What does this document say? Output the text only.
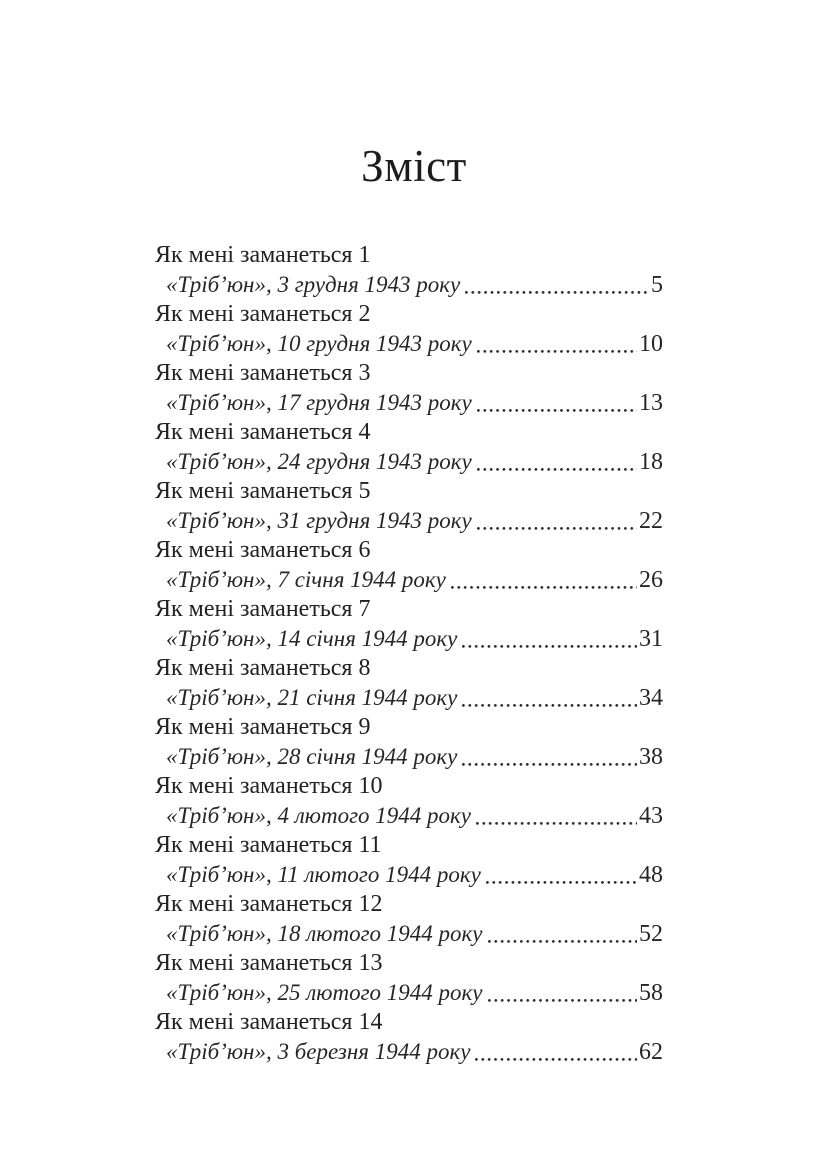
Зміст
Як мені заманеться 1
«Тріб’юн», 3 грудня 1943 року	5
Як мені заманеться 2
«Тріб’юн», 10 грудня 1943 року	10
Як мені заманеться 3
«Тріб’юн», 17 грудня 1943 року	13
Як мені заманеться 4
«Тріб’юн», 24 грудня 1943 року	18
Як мені заманеться 5
«Тріб’юн», 31 грудня 1943 року	22
Як мені заманеться 6
«Тріб’юн», 7 січня 1944 року	26
Як мені заманеться 7
«Тріб’юн», 14 січня 1944 року	31
Як мені заманеться 8
«Тріб’юн», 21 січня 1944 року	34
Як мені заманеться 9
«Тріб’юн», 28 січня 1944 року	38
Як мені заманеться 10
«Тріб’юн», 4 лютого 1944 року	43
Як мені заманеться 11
«Тріб’юн», 11 лютого 1944 року	48
Як мені заманеться 12
«Тріб’юн», 18 лютого 1944 року	52
Як мені заманеться 13
«Тріб’юн», 25 лютого 1944 року	58
Як мені заманеться 14
«Тріб’юн», 3 березня 1944 року	62
